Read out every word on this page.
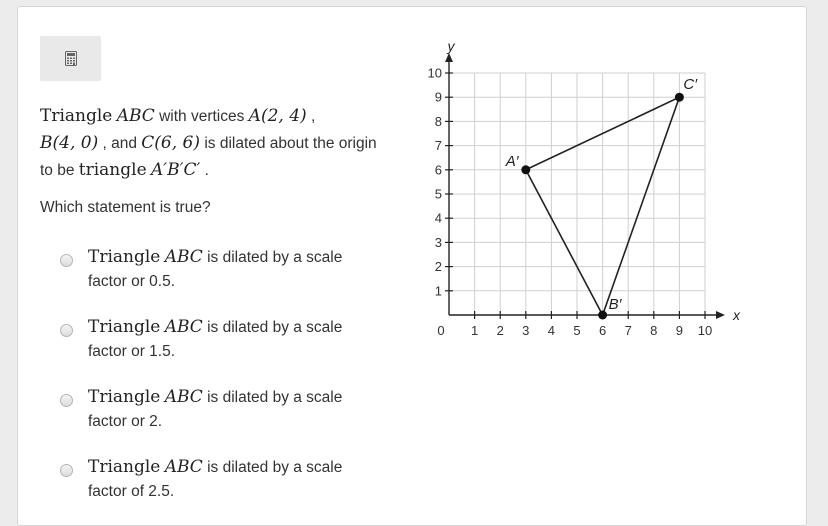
Triangle ABC with vertices A(2, 4) ,
B(4, 0) , and C(6, 6) is dilated about the origin to be triangle A′B′C′ .
Which statement is true?
Triangle ABC is dilated by a scale factor or 0.5.
Triangle ABC is dilated by a scale factor or 1.5.
Triangle ABC is dilated by a scale factor or 2.
Triangle ABC is dilated by a scale factor of 2.5.
0 1 2 3 4 5 6 7 8 9 10
1
2
3
4
5
6
7
8
9
10
x
y
A′
B′
C′
